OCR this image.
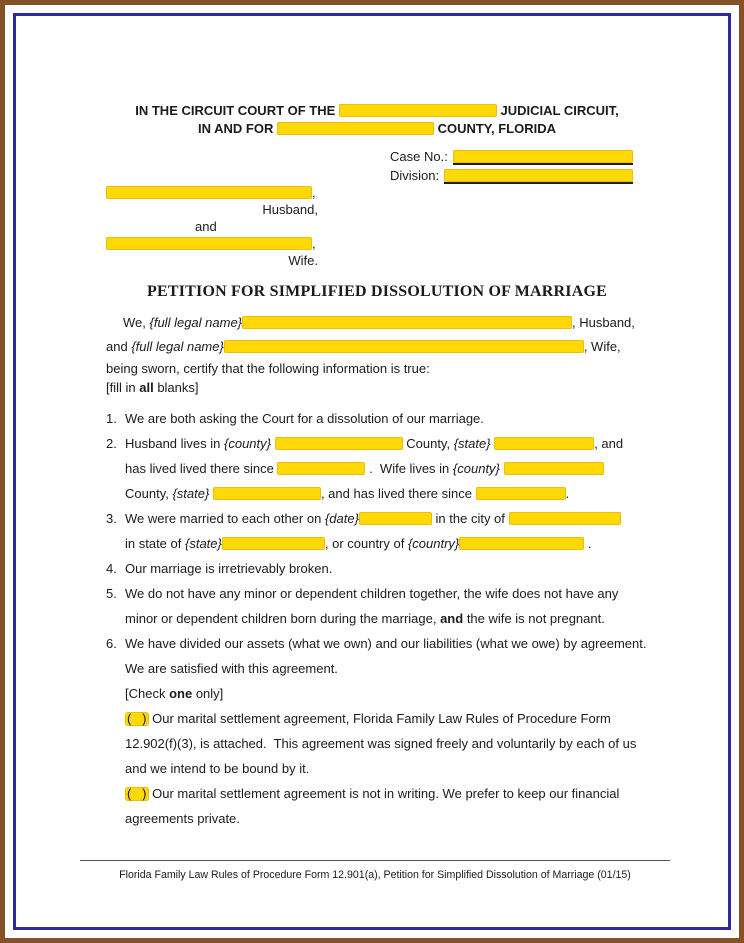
IN THE CIRCUIT COURT OF THE	JUDICIAL CIRCUIT,
IN AND FOR	COUNTY, FLORIDA
Case No.:
Division:
,
Husband,
and
,
Wife.
PETITION FOR SIMPLIFIED DISSOLUTION OF MARRIAGE
We, {full legal name}	, Husband,
and {full legal name}	, Wife,
being sworn, certify that the following information is true:
[fill in all blanks]
1. We are both asking the Court for a dissolution of our marriage.
2. Husband lives in {county}	County, {state}	, and
has lived lived there since	.  Wife lives in {county}
County, {state}	, and has lived there since	.
3. We were married to each other on {date}	in the city of
in state of {state}	, or country of {country}	.
4. Our marriage is irretrievably broken.
5. We do not have any minor or dependent children together, the wife does not have any
minor or dependent children born during the marriage, and the wife is not pregnant.
6. We have divided our assets (what we own) and our liabilities (what we owe) by agreement.
We are satisfied with this agreement.
[Check one only]
(   ) Our marital settlement agreement, Florida Family Law Rules of Procedure Form
12.902(f)(3), is attached.  This agreement was signed freely and voluntarily by each of us
and we intend to be bound by it.
(   ) Our marital settlement agreement is not in writing. We prefer to keep our financial
agreements private.
Florida Family Law Rules of Procedure Form 12.901(a), Petition for Simplified Dissolution of Marriage (01/15)
